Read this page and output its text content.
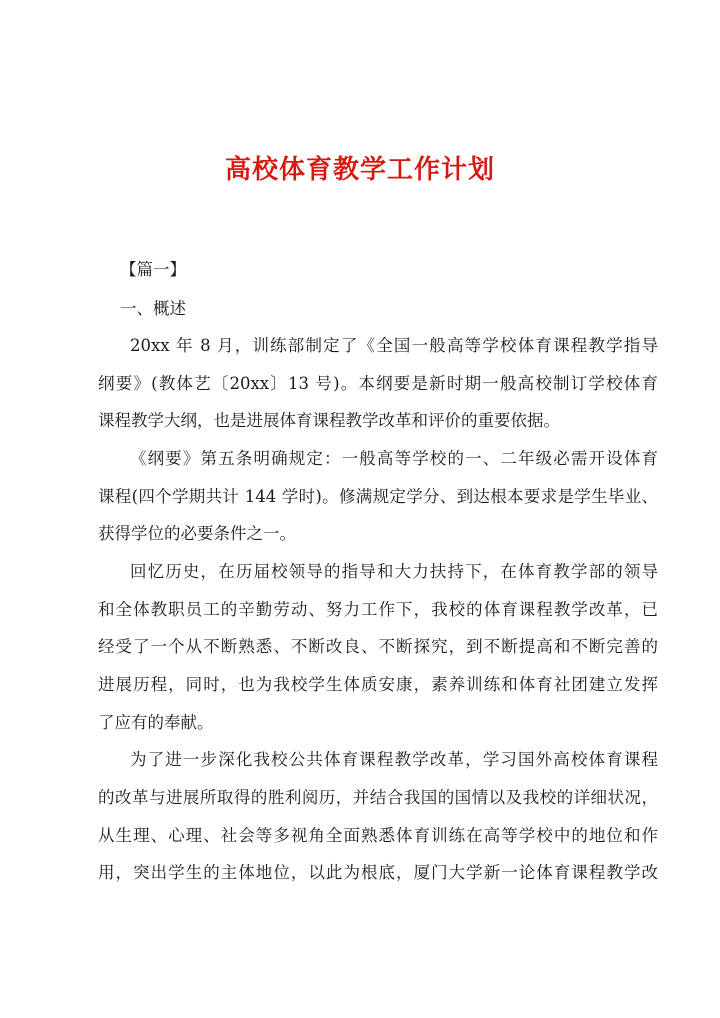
高校体育教学工作计划
【篇一】
一、概述
20xx 年 8 月，训练部制定了《全国一般高等学校体育课程教学指导
纲要》(教体艺〔20xx〕13 号)。本纲要是新时期一般高校制订学校体育
课程教学大纲，也是进展体育课程教学改革和评价的重要依据。
《纲要》第五条明确规定：一般高等学校的一、二年级必需开设体育
课程(四个学期共计 144 学时)。修满规定学分、到达根本要求是学生毕业、
获得学位的必要条件之一。
回忆历史，在历届校领导的指导和大力扶持下，在体育教学部的领导
和全体教职员工的辛勤劳动、努力工作下，我校的体育课程教学改革，已
经受了一个从不断熟悉、不断改良、不断探究，到不断提高和不断完善的
进展历程，同时，也为我校学生体质安康，素养训练和体育社团建立发挥
了应有的奉献。
为了进一步深化我校公共体育课程教学改革，学习国外高校体育课程
的改革与进展所取得的胜利阅历，并结合我国的国情以及我校的详细状况，
从生理、心理、社会等多视角全面熟悉体育训练在高等学校中的地位和作
用，突出学生的主体地位，以此为根底，厦门大学新一论体育课程教学改
